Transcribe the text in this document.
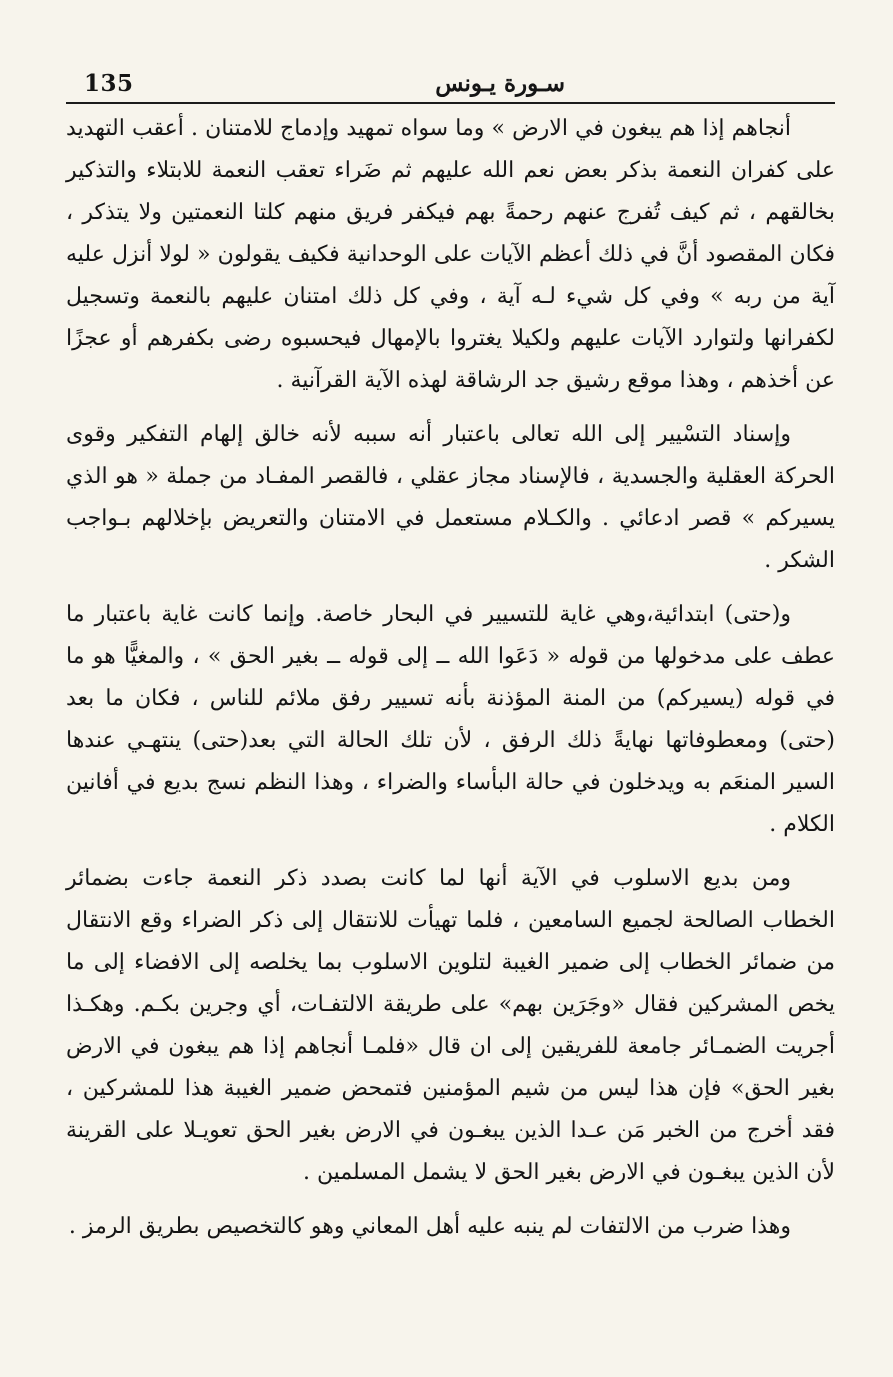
135	سـورة يـونس

أنجاهم إذا هم يبغون في الارض » وما سواه تمهيد وإدماج للامتنان . أعقب التهديد على كفران النعمة بذكر بعض نعم الله عليهم ثم ضَراء تعقب النعمة للابتلاء والتذكير بخالقهم ، ثم كيف تُفرج عنهم رحمةً بهم فيكفر فريق منهم كلتا النعمتين ولا يتذكر ، فكان المقصود أنَّ في ذلك أعظم الآيات على الوحدانية فكيف يقولون « لولا أنزل عليه آية من ربه » وفي كل شيء لـه آية ، وفي كل ذلك امتنان عليهم بالنعمة وتسجيل لكفرانها ولتوارد الآيات عليهم ولكيلا يغتروا بالإمهال فيحسبوه رضى بكفرهم أو عجزًا عن أخذهم ، وهذا موقع رشيق جد الرشاقة لهذه الآية القرآنية .

وإسناد التسْيير إلى الله تعالى باعتبار أنه سببه لأنه خالق إلهام التفكير وقوى الحركة العقلية والجسدية ، فالإسناد مجاز عقلي ، فالقصر المفـاد من جملة « هو الذي يسيركم » قصر ادعائي . والكـلام مستعمل في الامتنان والتعريض بإخلالهم بـواجب الشكر .

و(حتى) ابتدائية،وهي غاية للتسيير في البحار خاصة. وإنما كانت غاية باعتبار ما عطف على مدخولها من قوله « دَعَوا الله ــ إلى قوله ــ بغير الحق » ، والمغيًّا هو ما في قوله (يسيركم) من المنة المؤذنة بأنه تسيير رفق ملائم للناس ، فكان ما بعد (حتى) ومعطوفاتها نهايةً ذلك الرفق ، لأن تلك الحالة التي بعد(حتى) ينتهـي عندها السير المنعَم به ويدخلون في حالة البأساء والضراء ، وهذا النظم نسج بديع في أفانين الكلام .

ومن بديع الاسلوب في الآية أنها لما كانت بصدد ذكر النعمة جاءت بضمائر الخطاب الصالحة لجميع السامعين ، فلما تهيأت للانتقال إلى ذكر الضراء وقع الانتقال من ضمائر الخطاب إلى ضمير الغيبة لتلوين الاسلوب بما يخلصه إلى الافضاء إلى ما يخص المشركين فقال «وجَرَين بهم» على طريقة الالتفـات، أي وجرين بكـم. وهكـذا أجريت الضمـائر جامعة للفريقين إلى ان قال «فلمـا أنجاهم إذا هم يبغون في الارض بغير الحق» فإن هذا ليس من شيم المؤمنين فتمحض ضمير الغيبة هذا للمشركين ، فقد أخرج من الخبر مَن عـدا الذين يبغـون في الارض بغير الحق تعويـلا على القرينة لأن الذين يبغـون في الارض بغير الحق لا يشمل المسلمين .

وهذا ضرب من الالتفات لم ينبه عليه أهل المعاني وهو كالتخصيص بطريق الرمز .
